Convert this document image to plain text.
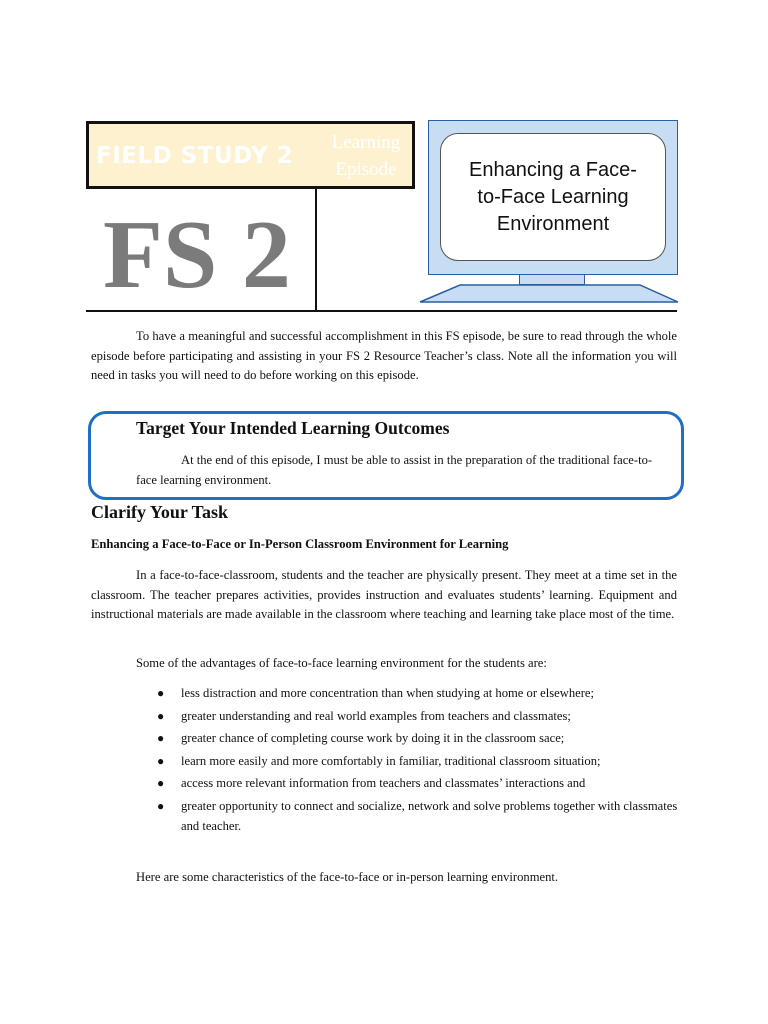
FIELD STUDY 2
Learning
Episode
FS 2
Enhancing a Face-to-Face Learning Environment
To have a meaningful and successful accomplishment in this FS episode, be sure to read through the whole episode before participating and assisting in your FS 2 Resource Teacher’s class. Note all the information you will need in tasks you will need to do before working on this episode.
Target Your Intended Learning Outcomes
At the end of this episode, I must be able to assist in the preparation of the traditional face-to-face learning environment.
Clarify Your Task
Enhancing a Face-to-Face or In-Person Classroom Environment for Learning
In a face-to-face-classroom, students and the teacher are physically present. They meet at a time set in the classroom. The teacher prepares activities, provides instruction and evaluates students’ learning. Equipment and instructional materials are made available in the classroom where teaching and learning take place most of the time.
Some of the advantages of face-to-face learning environment for the students are:
● less distraction and more concentration than when studying at home or elsewhere;
● greater understanding and real world examples from teachers and classmates;
● greater chance of completing course work by doing it in the classroom sace;
● learn more easily and more comfortably in familiar, traditional classroom situation;
● access more relevant information from teachers and classmates’ interactions and
● greater opportunity to connect and socialize, network and solve problems together with classmates and teacher.
Here are some characteristics of the face-to-face or in-person learning environment.
